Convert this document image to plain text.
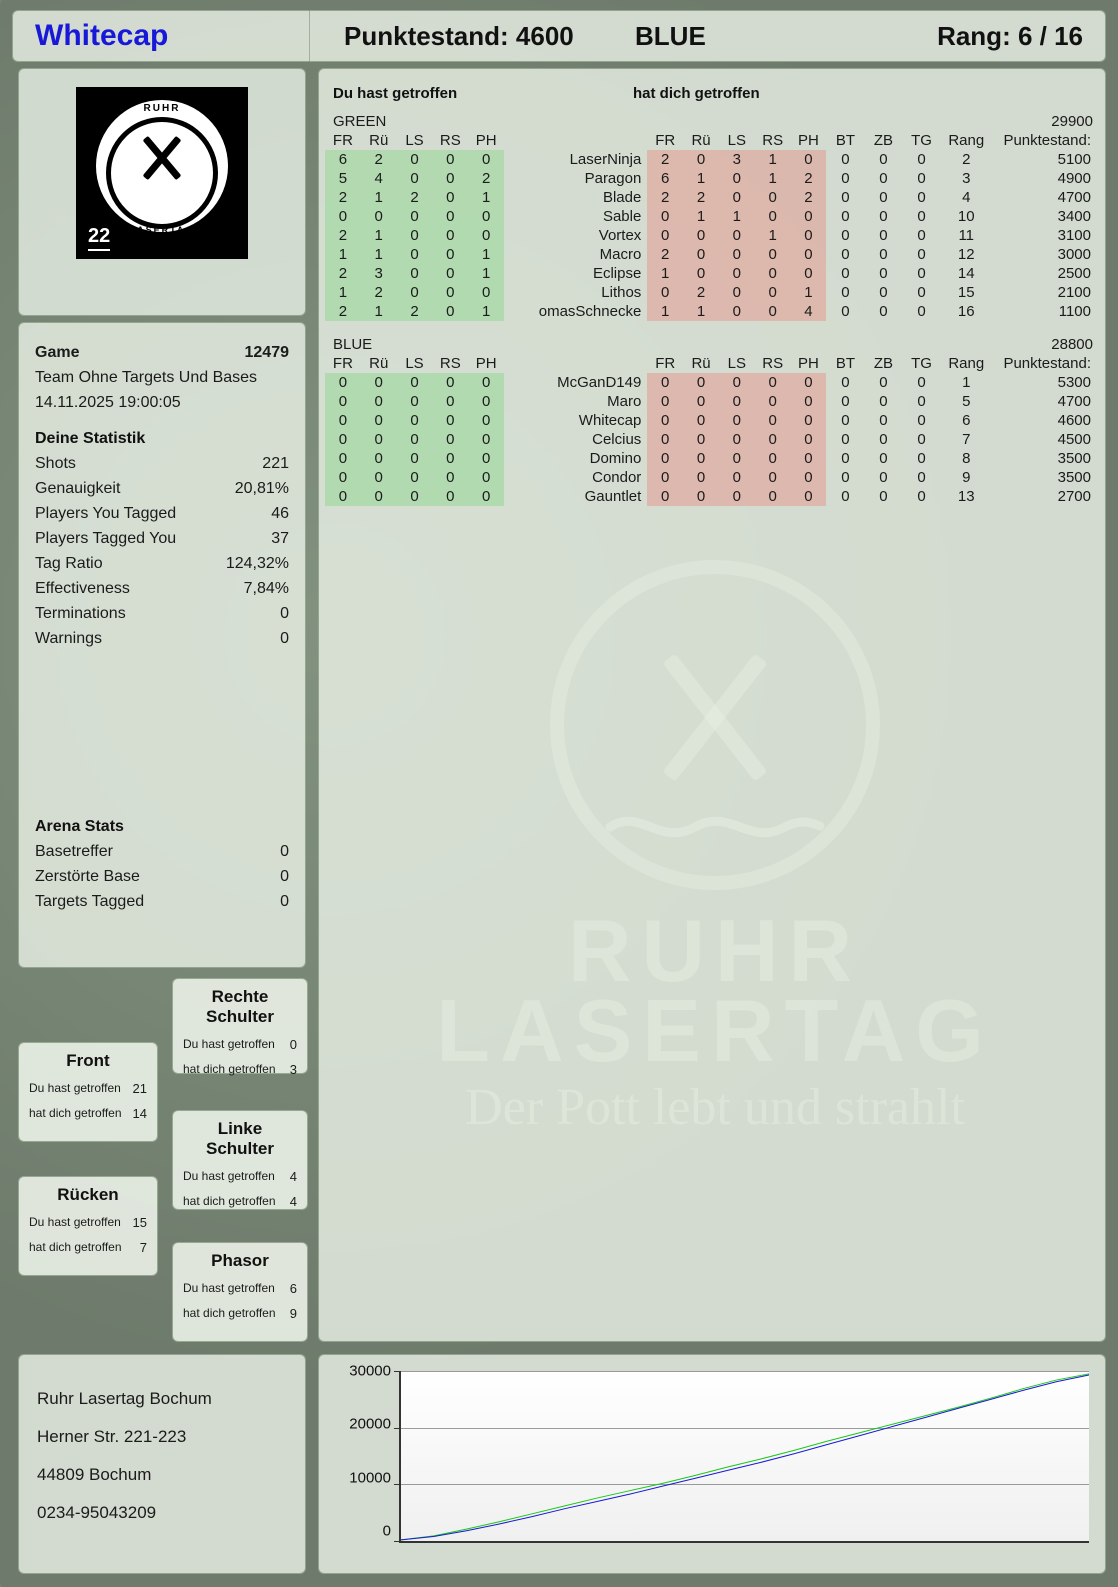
Whitecap	Punktestand: 4600 BLUE	Rang: 6 / 16
RUHR
LASERTAG
22
Game	12479
Team Ohne Targets Und Bases
14.11.2025 19:00:05
Deine Statistik
Shots	221
Genauigkeit	20,81%
Players You Tagged	46
Players Tagged You	37
Tag Ratio	124,32%
Effectiveness	7,84%
Terminations	0
Warnings	0
Arena Stats
Basetreffer	0
Zerstörte Base	0
Targets Tagged	0
Rechte Schulter
Du hast getroffen 0
hat dich getroffen 3
Front
Du hast getroffen 21
hat dich getroffen 14
Linke Schulter
Du hast getroffen 4
hat dich getroffen 4
Rücken
Du hast getroffen 15
hat dich getroffen 7
Phasor
Du hast getroffen 6
hat dich getroffen 9
Ruhr Lasertag Bochum
Herner Str. 221-223
44809 Bochum
0234-95043209
Du hast getroffen	hat dich getroffen
GREEN						29900									
FR	Rü	LS	RS	PH		FR	Rü	LS	RS	PH	BT	ZB	TG	Rang	Punktestand:
6	2	0	0	0	LaserNinja	2	0	3	1	0	0	0	0	2	5100
5	4	0	0	2	Paragon	6	1	0	1	2	0	0	0	3	4900
2	1	2	0	1	Blade	2	2	0	0	2	0	0	0	4	4700
0	0	0	0	0	Sable	0	1	1	0	0	0	0	0	10	3400
2	1	0	0	0	Vortex	0	0	0	1	0	0	0	0	11	3100
1	1	0	0	1	Macro	2	0	0	0	0	0	0	0	12	3000
2	3	0	0	1	Eclipse	1	0	0	0	0	0	0	0	14	2500
1	2	0	0	0	Lithos	0	2	0	0	1	0	0	0	15	2100
2	1	2	0	1	omasSchnecke	1	1	0	0	4	0	0	0	16	1100

BLUE						28800									
FR	Rü	LS	RS	PH		FR	Rü	LS	RS	PH	BT	ZB	TG	Rang	Punktestand:
0	0	0	0	0	McGanD149	0	0	0	0	0	0	0	0	1	5300
0	0	0	0	0	Maro	0	0	0	0	0	0	0	0	5	4700
0	0	0	0	0	Whitecap	0	0	0	0	0	0	0	0	6	4600
0	0	0	0	0	Celcius	0	0	0	0	0	0	0	0	7	4500
0	0	0	0	0	Domino	0	0	0	0	0	0	0	0	8	3500
0	0	0	0	0	Condor	0	0	0	0	0	0	0	0	9	3500
0	0	0	0	0	Gauntlet	0	0	0	0	0	0	0	0	13	2700
0
10000
20000
30000
